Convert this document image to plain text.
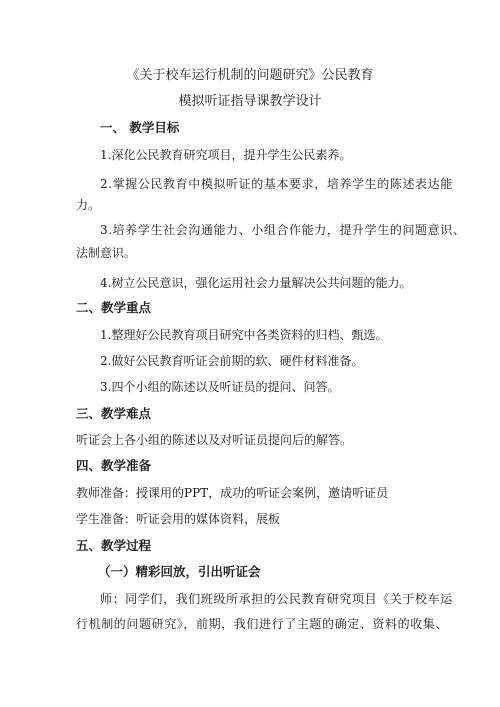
《关于校车运行机制的问题研究》公民教育
模拟听证指导课教学设计
一、 教学目标
1.深化公民教育研究项目，提升学生公民素养。
2.掌握公民教育中模拟听证的基本要求，培养学生的陈述表达能
力。
3.培养学生社会沟通能力、小组合作能力，提升学生的问题意识、
法制意识。
4.树立公民意识，强化运用社会力量解决公共问题的能力。
二、教学重点
1.整理好公民教育项目研究中各类资料的归档、甄选。
2.做好公民教育听证会前期的软、硬件材料准备。
3.四个小组的陈述以及听证员的提问、问答。
三、教学难点
听证会上各小组的陈述以及对听证员提问后的解答。
四、教学准备
教师准备：授课用的PPT，成功的听证会案例，邀请听证员
学生准备：听证会用的媒体资料，展板
五、教学过程
（一）精彩回放，引出听证会
师：同学们，我们班级所承担的公民教育研究项目《关于校车运
行机制的问题研究》，前期，我们进行了主题的确定、资料的收集、
